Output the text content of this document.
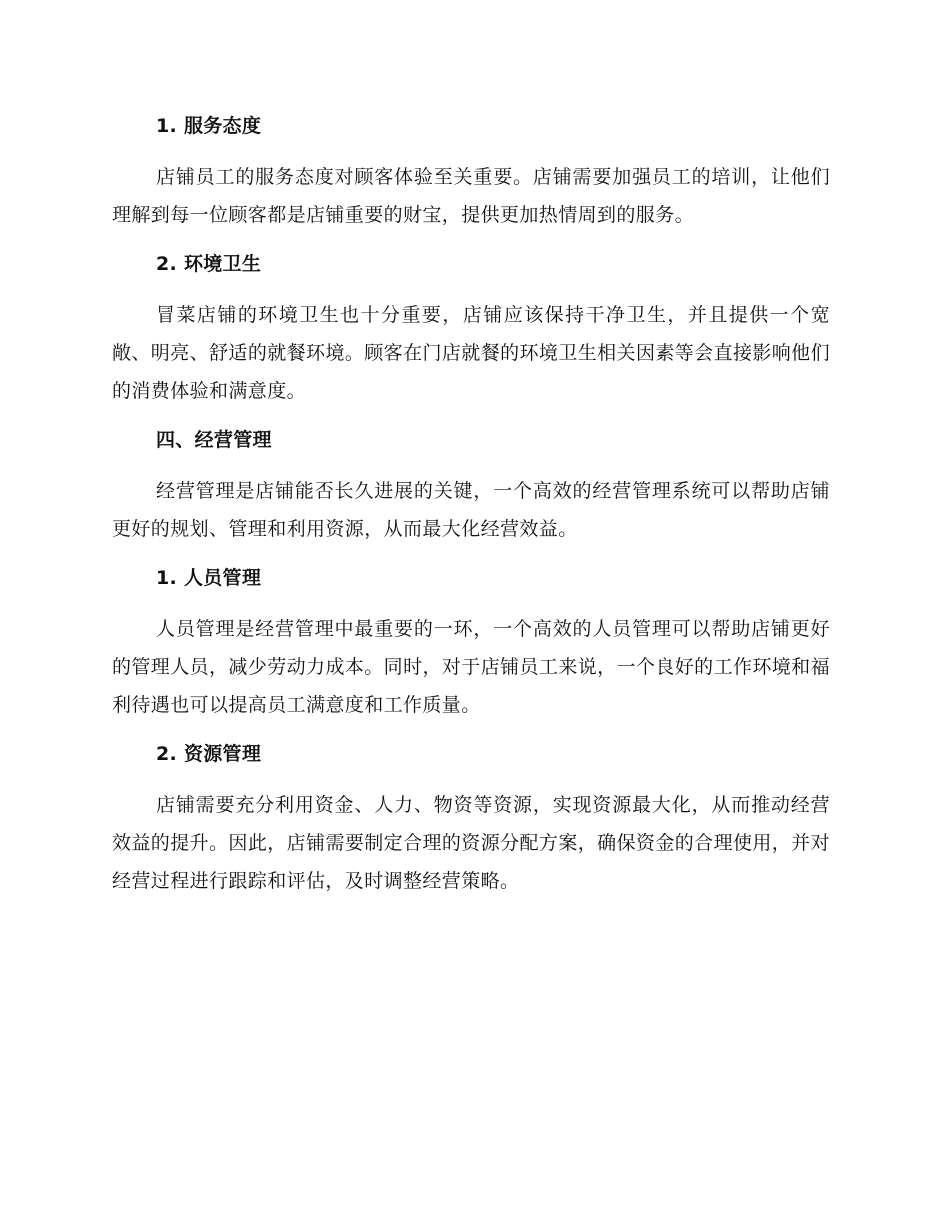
1. 服务态度

店铺员工的服务态度对顾客体验至关重要。店铺需要加强员工的培训，让他们理解到每一位顾客都是店铺重要的财宝，提供更加热情周到的服务。

2. 环境卫生

冒菜店铺的环境卫生也十分重要，店铺应该保持干净卫生，并且提供一个宽敞、明亮、舒适的就餐环境。顾客在门店就餐的环境卫生相关因素等会直接影响他们的消费体验和满意度。

四、经营管理

经营管理是店铺能否长久进展的关键，一个高效的经营管理系统可以帮助店铺更好的规划、管理和利用资源，从而最大化经营效益。

1. 人员管理

人员管理是经营管理中最重要的一环，一个高效的人员管理可以帮助店铺更好的管理人员，减少劳动力成本。同时，对于店铺员工来说，一个良好的工作环境和福利待遇也可以提高员工满意度和工作质量。

2. 资源管理

店铺需要充分利用资金、人力、物资等资源，实现资源最大化，从而推动经营效益的提升。因此，店铺需要制定合理的资源分配方案，确保资金的合理使用，并对经营过程进行跟踪和评估，及时调整经营策略。
